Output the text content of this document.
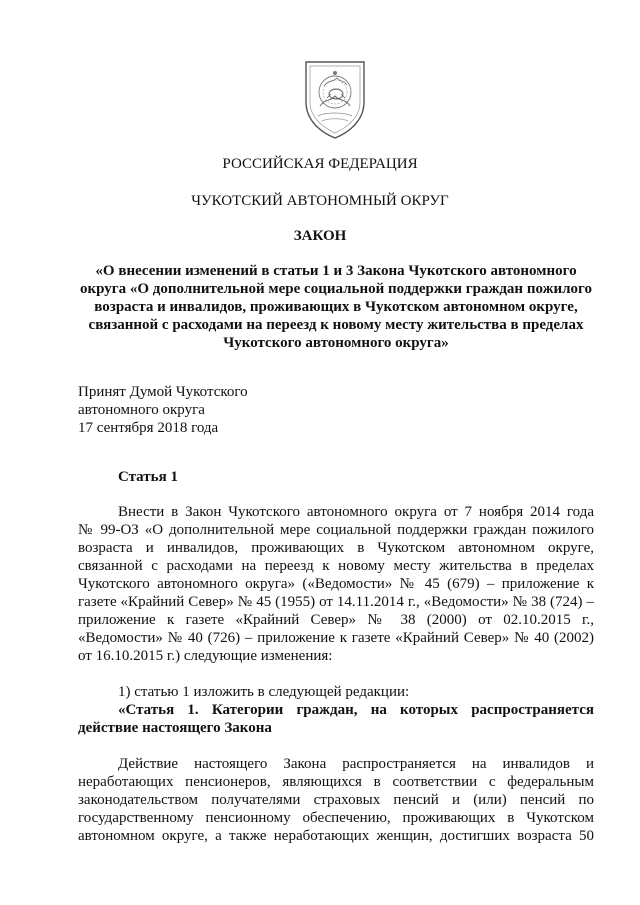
РОССИЙСКАЯ ФЕДЕРАЦИЯ
ЧУКОТСКИЙ АВТОНОМНЫЙ ОКРУГ
ЗАКОН
«О внесении изменений в статьи 1 и 3 Закона Чукотского автономного
округа «О дополнительной мере социальной поддержки граждан пожилого
возраста и инвалидов, проживающих в Чукотском автономном округе,
связанной с расходами на переезд к новому месту жительства в пределах
Чукотского автономного округа»
Принят Думой Чукотского
автономного округа
17 сентября 2018 года
Статья 1
Внести в Закон Чукотского автономного округа от 7 ноября 2014 года
№ 99-ОЗ «О дополнительной мере социальной поддержки граждан пожилого
возраста и инвалидов, проживающих в Чукотском автономном округе,
связанной с расходами на переезд к новому месту жительства в пределах
Чукотского автономного округа» («Ведомости» № 45 (679) – приложение к
газете «Крайний Север» № 45 (1955) от 14.11.2014 г., «Ведомости» № 38 (724) –
приложение к газете «Крайний Север» № 38 (2000) от 02.10.2015 г.,
«Ведомости» № 40 (726) – приложение к газете «Крайний Север» № 40 (2002)
от 16.10.2015 г.) следующие изменения:
1) статью 1 изложить в следующей редакции:
«Статья 1. Категории граждан, на которых распространяется
действие настоящего Закона
Действие настоящего Закона распространяется на инвалидов и
неработающих пенсионеров, являющихся в соответствии с федеральным
законодательством получателями страховых пенсий и (или) пенсий по
государственному пенсионному обеспечению, проживающих в Чукотском
автономном округе, а также неработающих женщин, достигших возраста 50
